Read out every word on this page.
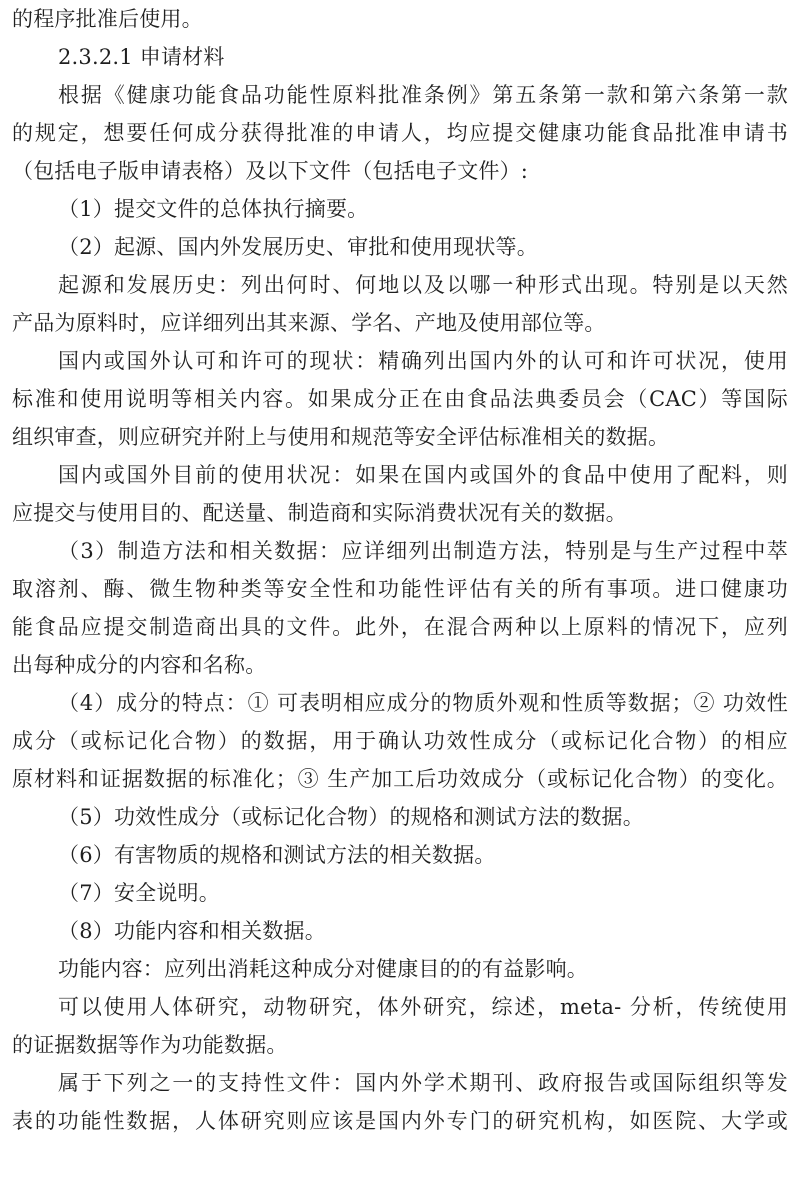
的程序批准后使用。
2.3.2.1 申请材料
根据《健康功能食品功能性原料批准条例》第五条第一款和第六条第一款
的规定，想要任何成分获得批准的申请人，均应提交健康功能食品批准申请书
（包括电子版申请表格）及以下文件（包括电子文件）:
（1）提交文件的总体执行摘要。
（2）起源、国内外发展历史、审批和使用现状等。
起源和发展历史：列出何时、何地以及以哪一种形式出现。特别是以天然
产品为原料时，应详细列出其来源、学名、产地及使用部位等。
国内或国外认可和许可的现状：精确列出国内外的认可和许可状况，使用
标准和使用说明等相关内容。如果成分正在由食品法典委员会（CAC）等国际
组织审查，则应研究并附上与使用和规范等安全评估标准相关的数据。
国内或国外目前的使用状况：如果在国内或国外的食品中使用了配料，则
应提交与使用目的、配送量、制造商和实际消费状况有关的数据。
（3）制造方法和相关数据：应详细列出制造方法，特别是与生产过程中萃
取溶剂、酶、微生物种类等安全性和功能性评估有关的所有事项。进口健康功
能食品应提交制造商出具的文件。此外，在混合两种以上原料的情况下，应列
出每种成分的内容和名称。
（4）成分的特点：① 可表明相应成分的物质外观和性质等数据；② 功效性
成分（或标记化合物）的数据，用于确认功效性成分（或标记化合物）的相应
原材料和证据数据的标准化；③ 生产加工后功效成分（或标记化合物）的变化。
（5）功效性成分（或标记化合物）的规格和测试方法的数据。
（6）有害物质的规格和测试方法的相关数据。
（7）安全说明。
（8）功能内容和相关数据。
功能内容：应列出消耗这种成分对健康目的的有益影响。
可以使用人体研究，动物研究，体外研究，综述，meta- 分析，传统使用
的证据数据等作为功能数据。
属于下列之一的支持性文件：国内外学术期刊、政府报告或国际组织等发
表的功能性数据，人体研究则应该是国内外专门的研究机构，如医院、大学或
